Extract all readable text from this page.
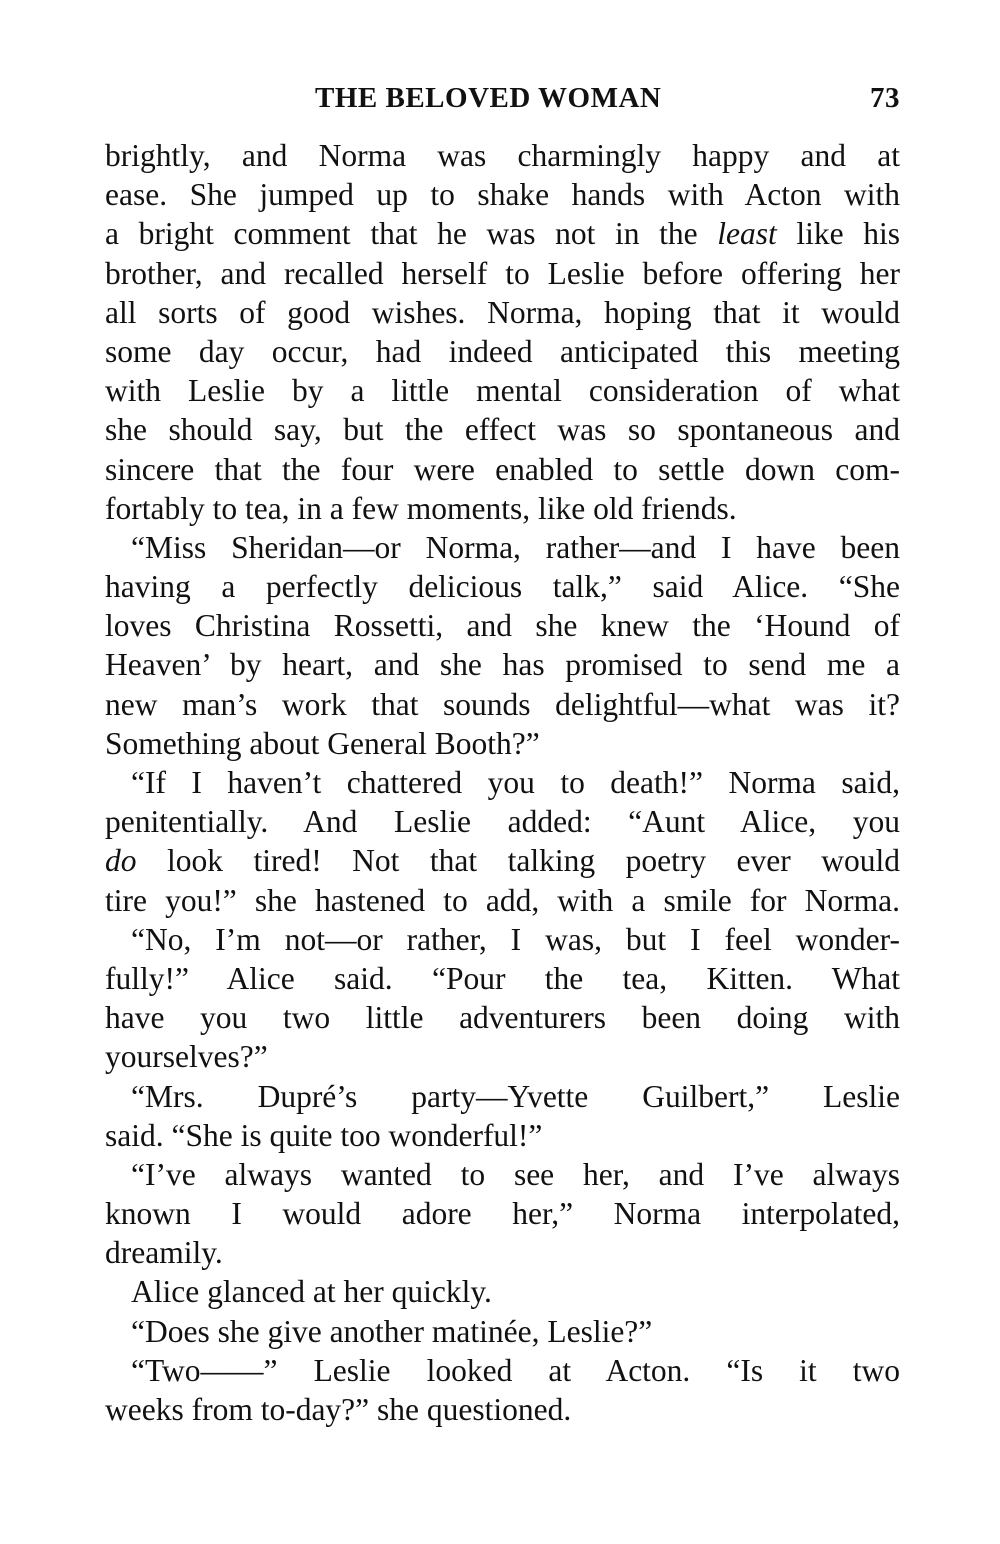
THE BELOVED WOMAN	73
brightly, and Norma was charmingly happy and at
ease. She jumped up to shake hands with Acton with
a bright comment that he was not in the least like his
brother, and recalled herself to Leslie before offering her
all sorts of good wishes. Norma, hoping that it would
some day occur, had indeed anticipated this meeting
with Leslie by a little mental consideration of what
she should say, but the effect was so spontaneous and
sincere that the four were enabled to settle down com-
fortably to tea, in a few moments, like old friends.
“Miss Sheridan—or Norma, rather—and I have been
having a perfectly delicious talk,” said Alice. “She
loves Christina Rossetti, and she knew the ‘Hound of
Heaven’ by heart, and she has promised to send me a
new man’s work that sounds delightful—what was it?
Something about General Booth?”
“If I haven’t chattered you to death!” Norma said,
penitentially. And Leslie added: “Aunt Alice, you
do look tired! Not that talking poetry ever would
tire you!” she hastened to add, with a smile for Norma.
“No, I’m not—or rather, I was, but I feel wonder-
fully!” Alice said. “Pour the tea, Kitten. What
have you two little adventurers been doing with
yourselves?”
“Mrs. Dupré’s party—Yvette Guilbert,” Leslie
said. “She is quite too wonderful!”
“I’ve always wanted to see her, and I’ve always
known I would adore her,” Norma interpolated,
dreamily.
Alice glanced at her quickly.
“Does she give another matinée, Leslie?”
“Two——” Leslie looked at Acton. “Is it two
weeks from to-day?” she questioned.
